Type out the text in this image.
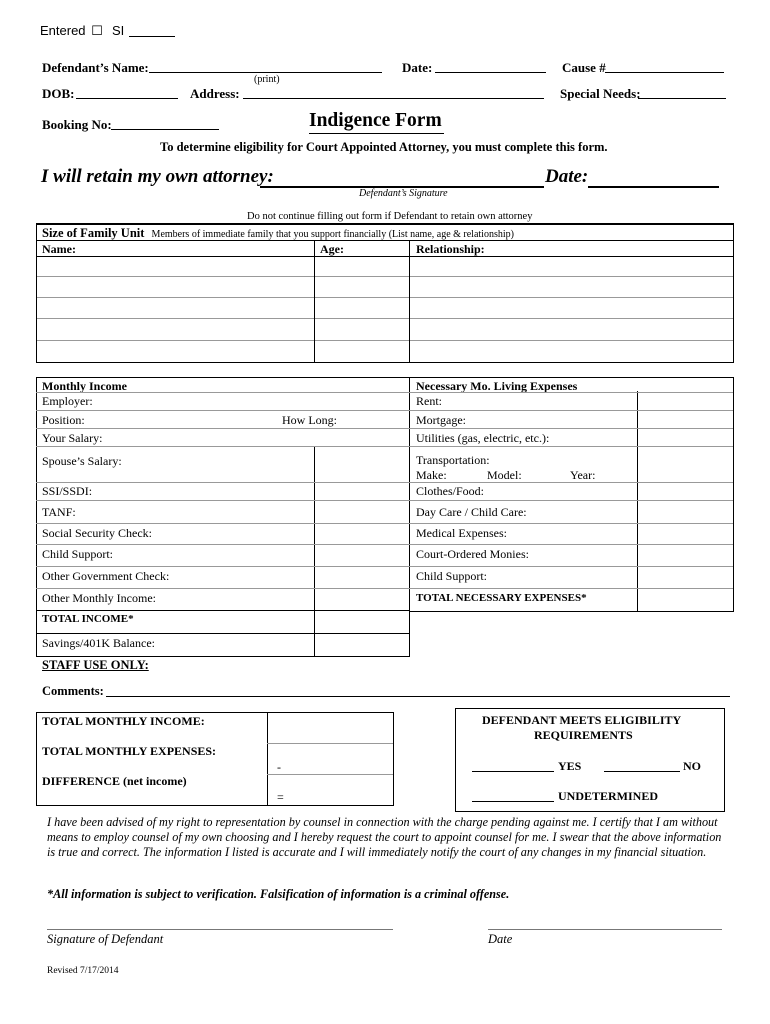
Entered ☐ SI
Defendant’s Name:
(print)
Date:	Cause #
DOB:	Address:	Special Needs:
Booking No:	Indigence Form
To determine eligibility for Court Appointed Attorney, you must complete this form.
I will retain my own attorney:	Date:
Defendant’s Signature
Do not continue filling out form if Defendant to retain own attorney
Size of Family Unit Members of immediate family that you support financially (List name, age & relationship)
Name:	Age:	Relationship:
Monthly Income	Necessary Mo. Living Expenses
Employer:	Rent:
Position:	How Long:	Mortgage:
Your Salary:	Utilities (gas, electric, etc.):
Spouse’s Salary:	Transportation:
Make:	Model:	Year:
SSI/SSDI:	Clothes/Food:
TANF:	Day Care / Child Care:
Social Security Check:	Medical Expenses:
Child Support:	Court-Ordered Monies:
Other Government Check:	Child Support:
Other Monthly Income:	TOTAL NECESSARY EXPENSES*
TOTAL INCOME*
Savings/401K Balance:
STAFF USE ONLY:
Comments:
TOTAL MONTHLY INCOME:
TOTAL MONTHLY EXPENSES:
DIFFERENCE (net income)
-
=
DEFENDANT MEETS ELIGIBILITY
REQUIREMENTS
YES	NO
UNDETERMINED
I have been advised of my right to representation by counsel in connection with the charge pending against me. I certify that I am without means to employ counsel of my own choosing and I hereby request the court to appoint counsel for me. I swear that the above information is true and correct. The information I listed is accurate and I will immediately notify the court of any changes in my financial situation.
*All information is subject to verification. Falsification of information is a criminal offense.
Signature of Defendant	Date
Revised 7/17/2014
